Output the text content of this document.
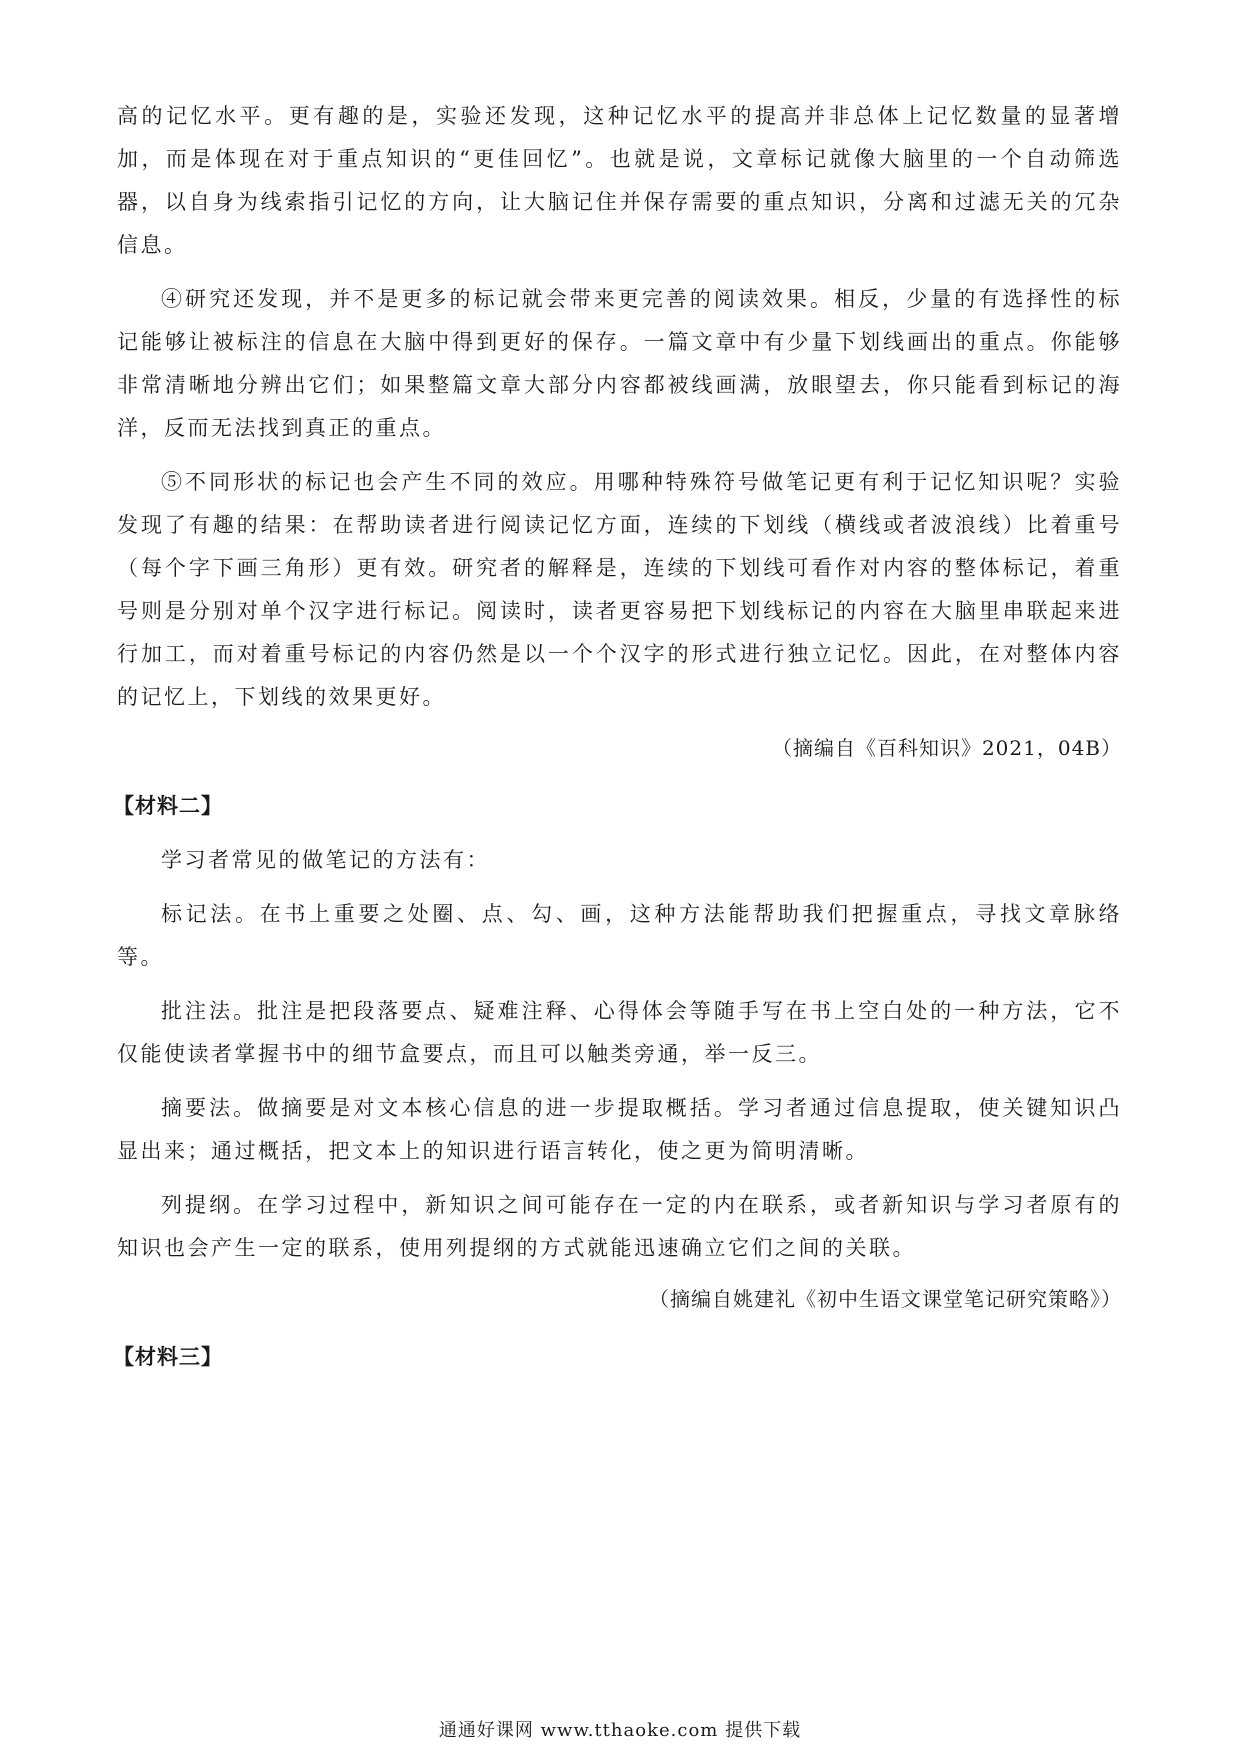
高的记忆水平。更有趣的是，实验还发现，这种记忆水平的提高并非总体上记忆数量的显著增加，而是体现在对于重点知识的“更佳回忆”。也就是说，文章标记就像大脑里的一个自动筛选器，以自身为线索指引记忆的方向，让大脑记住并保存需要的重点知识，分离和过滤无关的冗杂信息。

④研究还发现，并不是更多的标记就会带来更完善的阅读效果。相反，少量的有选择性的标记能够让被标注的信息在大脑中得到更好的保存。一篇文章中有少量下划线画出的重点。你能够非常清晰地分辨出它们；如果整篇文章大部分内容都被线画满，放眼望去，你只能看到标记的海洋，反而无法找到真正的重点。

⑤不同形状的标记也会产生不同的效应。用哪种特殊符号做笔记更有利于记忆知识呢？实验发现了有趣的结果：在帮助读者进行阅读记忆方面，连续的下划线（横线或者波浪线）比着重号（每个字下画三角形）更有效。研究者的解释是，连续的下划线可看作对内容的整体标记，着重号则是分别对单个汉字进行标记。阅读时，读者更容易把下划线标记的内容在大脑里串联起来进行加工，而对着重号标记的内容仍然是以一个个汉字的形式进行独立记忆。因此，在对整体内容的记忆上，下划线的效果更好。

（摘编自《百科知识》2021，04B）

【材料二】

学习者常见的做笔记的方法有：

标记法。在书上重要之处圈、点、勾、画，这种方法能帮助我们把握重点，寻找文章脉络等。

批注法。批注是把段落要点、疑难注释、心得体会等随手写在书上空白处的一种方法，它不仅能使读者掌握书中的细节盒要点，而且可以触类旁通，举一反三。

摘要法。做摘要是对文本核心信息的进一步提取概括。学习者通过信息提取，使关键知识凸显出来；通过概括，把文本上的知识进行语言转化，使之更为简明清晰。

列提纲。在学习过程中，新知识之间可能存在一定的内在联系，或者新知识与学习者原有的知识也会产生一定的联系，使用列提纲的方式就能迅速确立它们之间的关联。

（摘编自姚建礼《初中生语文课堂笔记研究策略》）

【材料三】
通通好课网 www.tthaoke.com 提供下载
